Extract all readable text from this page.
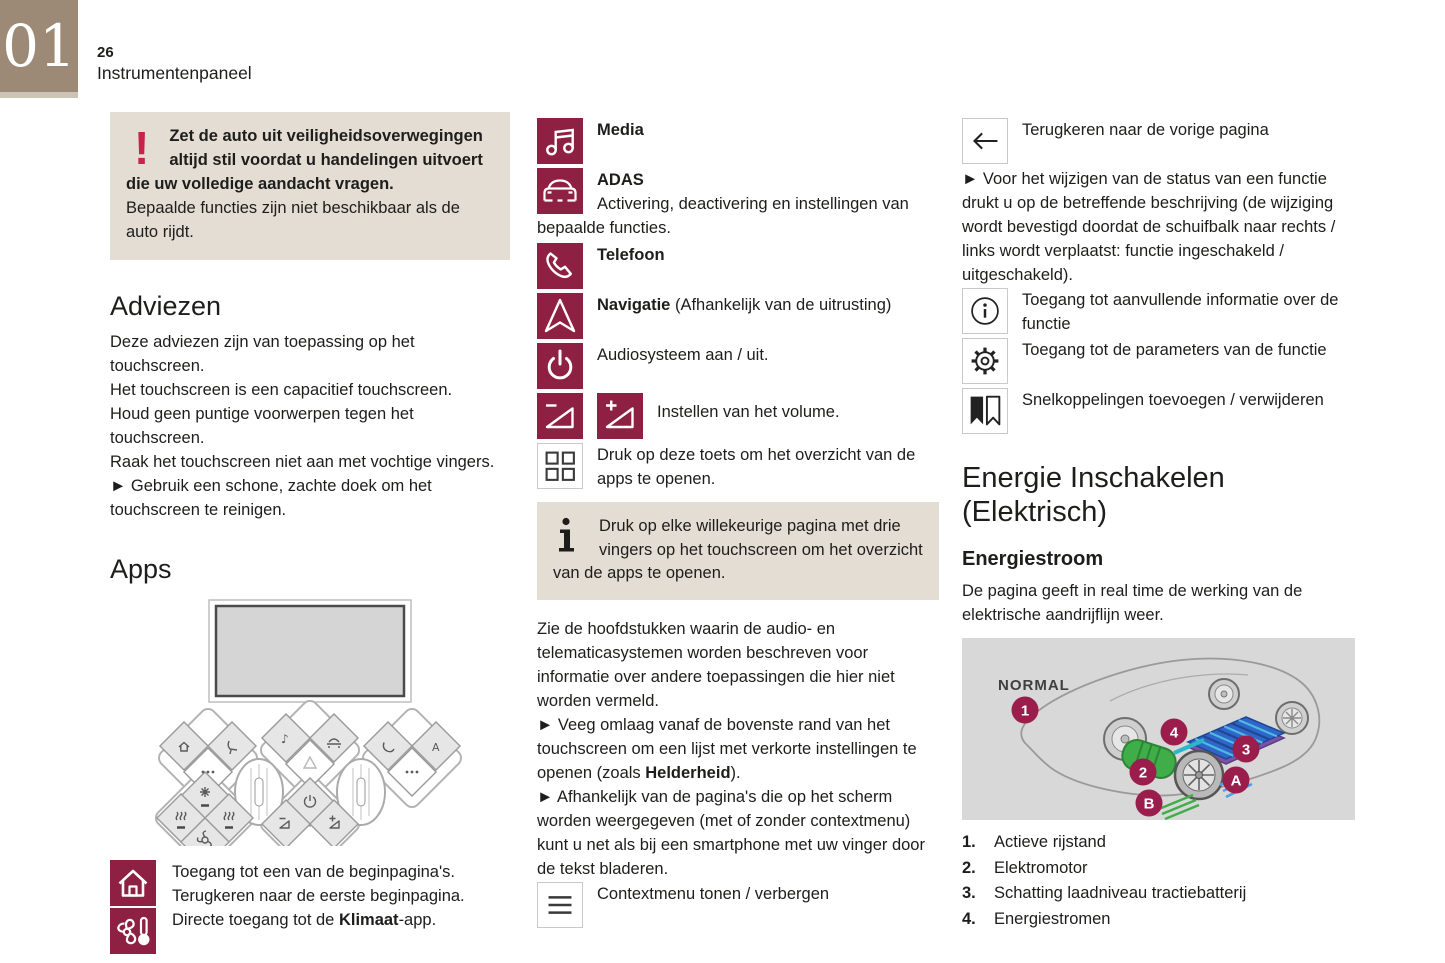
01 26
Instrumentenpaneel
!	Zet de auto uit veiligheidsoverwegingen altijd stil voordat u handelingen uitvoert die uw volledige aandacht vragen.
Bepaalde functies zijn niet beschikbaar als de auto rijdt.
Adviezen

Deze adviezen zijn van toepassing op het touchscreen.

Het touchscreen is een capacitief touchscreen.

Houd geen puntige voorwerpen tegen het touchscreen.

Raak het touchscreen niet aan met vochtige vingers.

► Gebruik een schone, zachte doek om het touchscreen te reinigen.

Apps
♪
A
Toegang tot een van de beginpagina's.
Terugkeren naar de eerste beginpagina.
Directe toegang tot de Klimaat-app.
Media
ADAS
Activering, deactivering en instellingen van bepaalde functies.
Telefoon
Navigatie (Afhankelijk van de uitrusting)
Audiosysteem aan / uit.
Instellen van het volume.
Druk op deze toets om het overzicht van de apps te openen.
Druk op elke willekeurige pagina met drie vingers op het touchscreen om het overzicht van de apps te openen.

Zie de hoofdstukken waarin de audio- en telematicasystemen worden beschreven voor informatie over andere toepassingen die hier niet worden vermeld.

► Veeg omlaag vanaf de bovenste rand van het touchscreen om een lijst met verkorte instellingen te openen (zoals Helderheid).

► Afhankelijk van de pagina's die op het scherm worden weergegeven (met of zonder contextmenu) kunt u net als bij een smartphone met uw vinger door de tekst bladeren.

Contextmenu tonen / verbergen
Terugkeren naar de vorige pagina

► Voor het wijzigen van de status van een functie drukt u op de betreffende beschrijving (de wijziging wordt bevestigd doordat de schuifbalk naar rechts / links wordt verplaatst: functie ingeschakeld / uitgeschakeld).

Toegang tot aanvullende informatie over de functie
Toegang tot de parameters van de functie
Snelkoppelingen toevoegen / verwijderen
Energie Inschakelen (Elektrisch)
Energiestroom

De pagina geeft in real time de werking van de elektrische aandrijflijn weer.

NORMAL
1
2
3
4
A
B
1.	Actieve rijstand
2.	Elektromotor
3.	Schatting laadniveau tractiebatterij
4.	Energiestromen
